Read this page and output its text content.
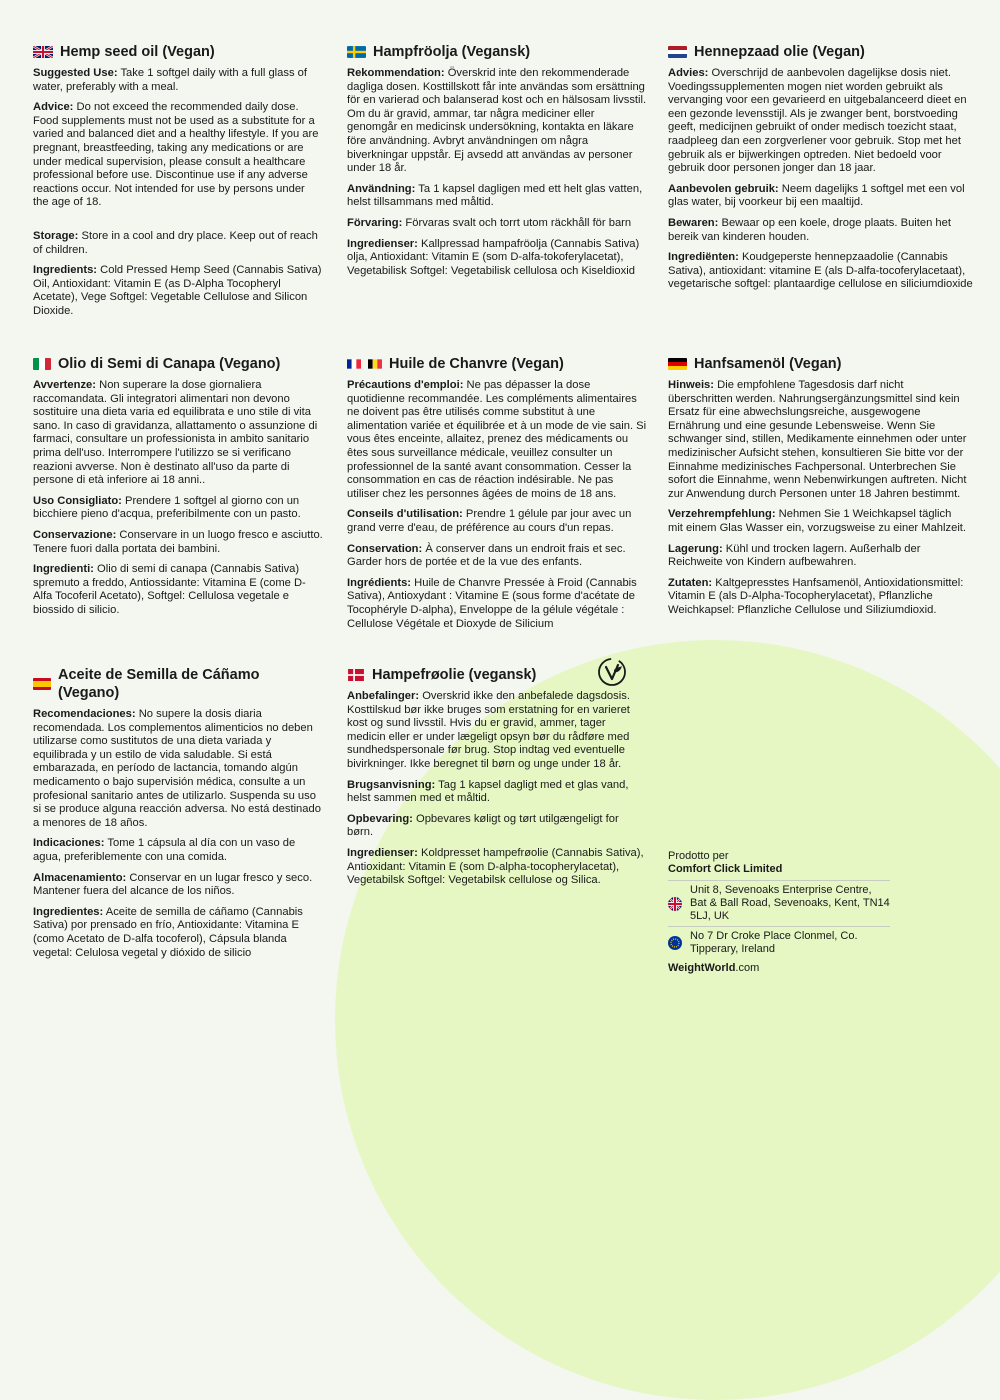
Hemp seed oil (Vegan)

Suggested Use: Take 1 softgel daily with a full glass of water, preferably with a meal.

Advice: Do not exceed the recommended daily dose. Food supplements must not be used as a substitute for a varied and balanced diet and a healthy lifestyle. If you are pregnant, breastfeeding, taking any medications or are under medical supervision, please consult a healthcare professional before use. Discontinue use if any adverse reactions occur. Not intended for use by persons under the age of 18.

Storage: Store in a cool and dry place. Keep out of reach of children.

Ingredients: Cold Pressed Hemp Seed (Cannabis Sativa) Oil, Antioxidant: Vitamin E (as D-Alpha Tocopheryl Acetate), Vege Softgel: Vegetable Cellulose and Silicon Dioxide.

Olio di Semi di Canapa (Vegano)

Avvertenze: Non superare la dose giornaliera raccomandata. Gli integratori alimentari non devono sostituire una dieta varia ed equilibrata e uno stile di vita sano. In caso di gravidanza, allattamento o assunzione di farmaci, consultare un professionista in ambito sanitario prima dell'uso. Interrompere l'utilizzo se si verificano reazioni avverse. Non è destinato all'uso da parte di persone di età inferiore ai 18 anni..

Uso Consigliato: Prendere 1 softgel al giorno con un bicchiere pieno d'acqua, preferibilmente con un pasto.

Conservazione: Conservare in un luogo fresco e asciutto. Tenere fuori dalla portata dei bambini.

Ingredienti: Olio di semi di canapa (Cannabis Sativa) spremuto a freddo, Antiossidante: Vitamina E (come D-Alfa Tocoferil Acetato), Softgel: Cellulosa vegetale e biossido di silicio.

Aceite de Semilla de Cáñamo (Vegano)

Recomendaciones: No supere la dosis diaria recomendada. Los complementos alimenticios no deben utilizarse como sustitutos de una dieta variada y equilibrada y un estilo de vida saludable. Si está embarazada, en período de lactancia, tomando algún medicamento o bajo supervisión médica, consulte a un profesional sanitario antes de utilizarlo. Suspenda su uso si se produce alguna reacción adversa. No está destinado a menores de 18 años.

Indicaciones: Tome 1 cápsula al día con un vaso de agua, preferiblemente con una comida.

Almacenamiento: Conservar en un lugar fresco y seco. Mantener fuera del alcance de los niños.

Ingredientes: Aceite de semilla de cáñamo (Cannabis Sativa) por prensado en frío, Antioxidante: Vitamina E (como Acetato de D-alfa tocoferol), Cápsula blanda vegetal: Celulosa vegetal y dióxido de silicio

Hampfröolja (Vegansk)

Rekommendation: Överskrid inte den rekommenderade dagliga dosen. Kosttillskott får inte användas som ersättning för en varierad och balanserad kost och en hälsosam livsstil. Om du är gravid, ammar, tar några mediciner eller genomgår en medicinsk undersökning, kontakta en läkare före användning. Avbryt användningen om några biverkningar uppstår. Ej avsedd att användas av personer under 18 år.

Användning: Ta 1 kapsel dagligen med ett helt glas vatten, helst tillsammans med måltid.

Förvaring: Förvaras svalt och torrt utom räckhåll för barn

Ingredienser: Kallpressad hampafröolja (Cannabis Sativa) olja, Antioxidant: Vitamin E (som D-alfa-tokoferylacetat), Vegetabilisk Softgel: Vegetabilisk cellulosa och Kiseldioxid

Huile de Chanvre (Vegan)

Précautions d'emploi: Ne pas dépasser la dose quotidienne recommandée. Les compléments alimentaires ne doivent pas être utilisés comme substitut à une alimentation variée et équilibrée et à un mode de vie sain. Si vous êtes enceinte, allaitez, prenez des médicaments ou êtes sous surveillance médicale, veuillez consulter un professionnel de la santé avant consommation. Cesser la consommation en cas de réaction indésirable. Ne pas utiliser chez les personnes âgées de moins de 18 ans.

Conseils d'utilisation: Prendre 1 gélule par jour avec un grand verre d'eau, de préférence au cours d'un repas.

Conservation: À conserver dans un endroit frais et sec. Garder hors de portée et de la vue des enfants.

Ingrédients: Huile de Chanvre Pressée à Froid (Cannabis Sativa), Antioxydant : Vitamine E (sous forme d'acétate de Tocophéryle D-alpha), Enveloppe de la gélule végétale : Cellulose Végétale et Dioxyde de Silicium

Hampefrøolie (vegansk)

Anbefalinger: Overskrid ikke den anbefalede dagsdosis. Kosttilskud bør ikke bruges som erstatning for en varieret kost og sund livsstil. Hvis du er gravid, ammer, tager medicin eller er under lægeligt opsyn bør du rådføre med sundhedspersonale før brug. Stop indtag ved eventuelle bivirkninger. Ikke beregnet til børn og unge under 18 år.

Brugsanvisning: Tag 1 kapsel dagligt med et glas vand, helst sammen med et måltid.

Opbevaring: Opbevares køligt og tørt utilgængeligt for børn.

Ingredienser: Koldpresset hampefrøolie (Cannabis Sativa), Antioxidant: Vitamin E (som D-alpha-tocopherylacetat), Vegetabilsk Softgel: Vegetabilsk cellulose og Silica.

Hennepzaad olie (Vegan)

Advies: Overschrijd de aanbevolen dagelijkse dosis niet. Voedingssupplementen mogen niet worden gebruikt als vervanging voor een gevarieerd en uitgebalanceerd dieet en een gezonde levensstijl. Als je zwanger bent, borstvoeding geeft, medicijnen gebruikt of onder medisch toezicht staat, raadpleeg dan een zorgverlener voor gebruik. Stop met het gebruik als er bijwerkingen optreden. Niet bedoeld voor gebruik door personen jonger dan 18 jaar.

Aanbevolen gebruik: Neem dagelijks 1 softgel met een vol glas water, bij voorkeur bij een maaltijd.

Bewaren: Bewaar op een koele, droge plaats. Buiten het bereik van kinderen houden.

Ingrediënten: Koudgeperste hennepzaadolie (Cannabis Sativa), antioxidant: vitamine E (als D-alfa-tocoferylacetaat), vegetarische softgel: plantaardige cellulose en siliciumdioxide

Hanfsamenöl (Vegan)

Hinweis: Die empfohlene Tagesdosis darf nicht überschritten werden. Nahrungsergänzungsmittel sind kein Ersatz für eine abwechslungsreiche, ausgewogene Ernährung und eine gesunde Lebensweise. Wenn Sie schwanger sind, stillen, Medikamente einnehmen oder unter medizinischer Aufsicht stehen, konsultieren Sie bitte vor der Einnahme medizinisches Fachpersonal. Unterbrechen Sie sofort die Einnahme, wenn Nebenwirkungen auftreten. Nicht zur Anwendung durch Personen unter 18 Jahren bestimmt.

Verzehrempfehlung: Nehmen Sie 1 Weichkapsel täglich mit einem Glas Wasser ein, vorzugsweise zu einer Mahlzeit.

Lagerung: Kühl und trocken lagern. Außerhalb der Reichweite von Kindern aufbewahren.

Zutaten: Kaltgepresstes Hanfsamenöl, Antioxidationsmittel: Vitamin E (als D-Alpha-Tocopherylacetat), Pflanzliche Weichkapsel: Pflanzliche Cellulose und Siliziumdioxid.

Prodotto per
Comfort Click Limited
Unit 8, Sevenoaks Enterprise Centre, Bat & Ball Road, Sevenoaks, Kent, TN14 5LJ, UK
No 7 Dr Croke Place Clonmel, Co. Tipperary, Ireland
WeightWorld.com
